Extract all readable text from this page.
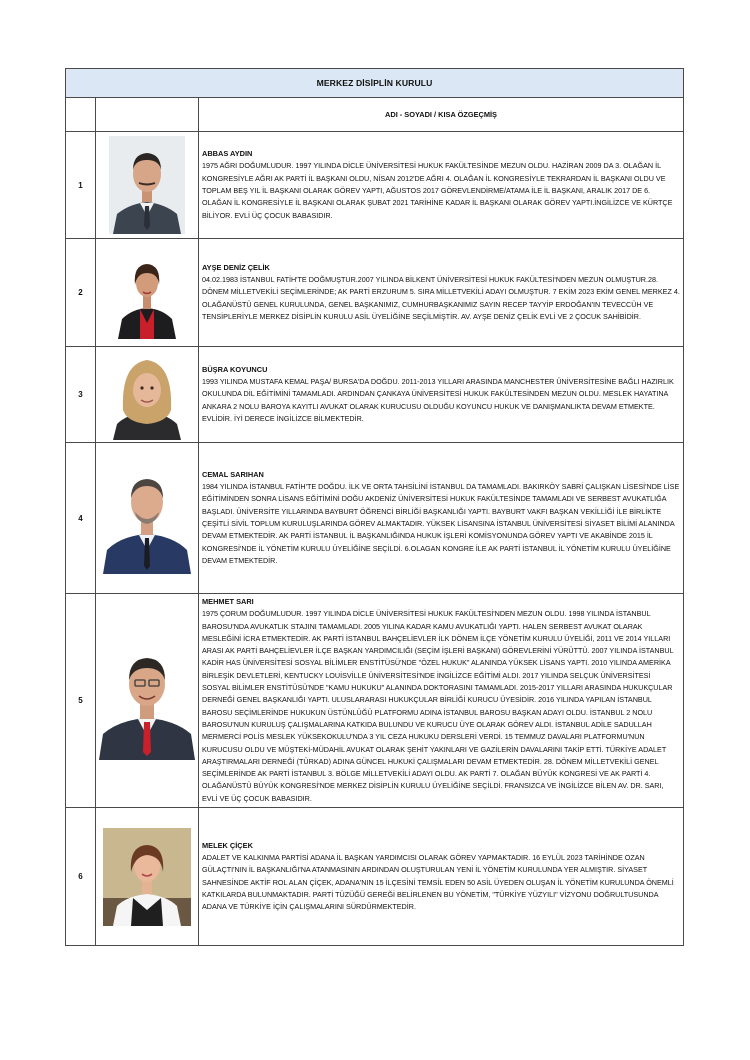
MERKEZ DİSİPLİN KURULU		
		ADI - SOYADI / KISA ÖZGEÇMİŞ
1		ABBAS AYDIN
1975 AĞRI DOĞUMLUDUR. 1997 YILINDA DİCLE ÜNİVERSİTESİ HUKUK FAKÜLTESİNDE MEZUN OLDU. HAZİRAN 2009 DA 3. OLAĞAN İL KONGRESİYLE AĞRI AK PARTİ İL BAŞKANI OLDU, NİSAN 2012'DE AĞRI 4. OLAĞAN İL KONGRESİYLE TEKRARDAN İL BAŞKANI OLDU VE TOPLAM BEŞ YIL İL BAŞKANI OLARAK GÖREV YAPTI, AĞUSTOS 2017 GÖREVLENDİRME/ATAMA İLE İL BAŞKANI, ARALIK 2017 DE 6. OLAĞAN İL KONGRESİYLE İL BAŞKANI OLARAK ŞUBAT 2021 TARİHİNE KADAR İL BAŞKANI OLARAK GÖREV YAPTI.İNGİLİZCE VE KÜRTÇE BİLİYOR. EVLİ ÜÇ ÇOCUK BABASIDIR.
2		AYŞE DENİZ ÇELİK
04.02.1983 İSTANBUL FATİH'TE DOĞMUŞTUR.2007 YILINDA BİLKENT ÜNİVERSİTESİ HUKUK FAKÜLTESİ'NDEN MEZUN OLMUŞTUR.28. DÖNEM MİLLETVEKİLİ SEÇİMLERİNDE; AK PARTİ ERZURUM 5. SIRA MİLLETVEKİLİ ADAYI OLMUŞTUR. 7 EKİM 2023 EKİM GENEL MERKEZ 4. OLAĞANÜSTÜ GENEL KURULUNDA, GENEL BAŞKANIMIZ, CUMHURBAŞKANIMIZ SAYIN RECEP TAYYİP ERDOĞAN'IN TEVECCÜH VE TENSİPLERİYLE MERKEZ DİSİPLİN KURULU ASİL ÜYELİĞİNE SEÇİLMİŞTİR. AV. AYŞE DENİZ ÇELİK EVLİ VE 2 ÇOCUK SAHİBİDİR.
3		BÜŞRA KOYUNCU
1993 YILINDA MUSTAFA KEMAL PAŞA/ BURSA'DA DOĞDU. 2011-2013 YILLARI ARASINDA MANCHESTER ÜNİVERSİTESİNE BAĞLI HAZIRLIK OKULUNDA DİL EĞİTİMİNİ TAMAMLADI. ARDINDAN ÇANKAYA ÜNİVERSİTESİ HUKUK FAKÜLTESİNDEN MEZUN OLDU. MESLEK HAYATINA ANKARA 2 NOLU BAROYA KAYITLI AVUKAT OLARAK KURUCUSU OLDUĞU KOYUNCU HUKUK VE DANIŞMANLIKTA DEVAM ETMEKTE. EVLİDİR. İYİ DERECE İNGİLİZCE BİLMEKTEDİR.
4		CEMAL SARIHAN
1984 YILINDA İSTANBUL FATİH'TE DOĞDU. İLK VE ORTA TAHSİLİNİ İSTANBUL DA TAMAMLADI. BAKIRKÖY SABRİ ÇALIŞKAN LİSESİ'NDE LİSE EĞİTİMİNDEN SONRA LİSANS EĞİTİMİNİ DOĞU AKDENİZ ÜNİVERSİTESİ HUKUK FAKÜLTESİNDE TAMAMLADI VE SERBEST AVUKATLIĞA BAŞLADI. ÜNİVERSİTE YILLARINDA BAYBURT ÖĞRENCİ BİRLİĞİ BAŞKANLIĞI YAPTI. BAYBURT VAKFI BAŞKAN VEKİLLİĞİ İLE BİRLİKTE ÇEŞİTLİ SİVİL TOPLUM KURULUŞLARINDA GÖREV ALMAKTADIR. YÜKSEK LİSANSINA İSTANBUL ÜNİVERSİTESİ SİYASET BİLİMİ ALANINDA DEVAM ETMEKTEDİR. AK PARTİ İSTANBUL İL BAŞKANLIĞINDA HUKUK İŞLERİ KOMİSYONUNDA GÖREV YAPTI VE AKABİNDE 2015 İL KONGRESİ'NDE İL YÖNETİM KURULU ÜYELİĞİNE SEÇİLDİ. 6.OLAGAN KONGRE İLE AK PARTİ İSTANBUL İL YÖNETİM KURULU ÜYELİĞİNE DEVAM ETMEKTEDİR.
5		MEHMET SARI
1975 ÇORUM DOĞUMLUDUR. 1997 YILINDA DİCLE ÜNİVERSİTESİ HUKUK FAKÜLTESİ'NDEN MEZUN OLDU. 1998 YILINDA İSTANBUL BAROSU'NDA AVUKATLIK STAJINI TAMAMLADI. 2005 YILINA KADAR KAMU AVUKATLIĞI YAPTI. HALEN SERBEST AVUKAT OLARAK MESLEĞİNİ İCRA ETMEKTEDİR. AK PARTİ İSTANBUL BAHÇELİEVLER İLK DÖNEM İLÇE YÖNETİM KURULU ÜYELİĞİ, 2011 VE 2014 YILLARI ARASI AK PARTİ BAHÇELİEVLER İLÇE BAŞKAN YARDIMCILIĞI (SEÇİM İŞLERİ BAŞKANI) GÖREVLERİNİ YÜRÜTTÜ. 2007 YILINDA İSTANBUL KADİR HAS ÜNİVERSİTESİ SOSYAL BİLİMLER ENSTİTÜSÜ'NDE "ÖZEL HUKUK" ALANINDA YÜKSEK LİSANS YAPTI. 2010 YILINDA AMERİKA BİRLEŞİK DEVLETLERİ, KENTUCKY LOUİSVİLLE ÜNİVERSİTESİ'NDE İNGİLİZCE EĞİTİMİ ALDI. 2017 YILINDA SELÇUK ÜNİVERSİTESİ SOSYAL BİLİMLER ENSTİTÜSÜ'NDE "KAMU HUKUKU" ALANINDA DOKTORASINI TAMAMLADI. 2015-2017 YILLARI ARASINDA HUKUKÇULAR DERNEĞİ GENEL BAŞKANLIĞI YAPTI. ULUSLARARASI HUKUKÇULAR BİRLİĞİ KURUCU ÜYESİDİR. 2016 YILINDA YAPILAN İSTANBUL BAROSU SEÇİMLERİNDE HUKUKUN ÜSTÜNLÜĞÜ PLATFORMU ADINA İSTANBUL BAROSU BAŞKAN ADAYI OLDU. İSTANBUL 2 NOLU BAROSU'NUN KURULUŞ ÇALIŞMALARINA KATKIDA BULUNDU VE KURUCU ÜYE OLARAK GÖREV ALDI. İSTANBUL ADİLE SADULLAH MERMERCİ POLİS MESLEK YÜKSEKOKULU'NDA 3 YIL CEZA HUKUKU DERSLERİ VERDİ. 15 TEMMUZ DAVALARI PLATFORMU'NUN KURUCUSU OLDU VE MÜŞTEKİ-MÜDAHİL AVUKAT OLARAK ŞEHİT YAKINLARI VE GAZİLERİN DAVALARINI TAKİP ETTİ. TÜRKİYE ADALET ARAŞTIRMALARI DERNEĞİ (TÜRKAD) ADINA GÜNCEL HUKUKİ ÇALIŞMALARI DEVAM ETMEKTEDİR. 28. DÖNEM MİLLETVEKİLİ GENEL SEÇİMLERİNDE AK PARTİ İSTANBUL 3. BÖLGE MİLLETVEKİLİ ADAYI OLDU. AK PARTİ 7. OLAĞAN BÜYÜK KONGRESİ VE AK PARTİ 4. OLAĞANÜSTÜ BÜYÜK KONGRESİ'NDE MERKEZ DİSİPLİN KURULU ÜYELİĞİNE SEÇİLDİ. FRANSIZCA VE İNGİLİZCE BİLEN AV. DR. SARI, EVLİ VE ÜÇ ÇOCUK BABASIDIR.
6		MELEK ÇİÇEK
ADALET VE KALKINMA PARTİSİ ADANA İL BAŞKAN YARDIMCISI OLARAK GÖREV YAPMAKTADIR. 16 EYLÜL 2023 TARİHİNDE OZAN GÜLAÇTI'NIN İL BAŞKANLIĞI'NA ATANMASININ ARDINDAN OLUŞTURULAN YENİ İL YÖNETİM KURULUNDA YER ALMIŞTIR. SİYASET SAHNESİNDE AKTİF ROL ALAN ÇİÇEK, ADANA'NIN 15 İLÇESİNİ TEMSİL EDEN 50 ASİL ÜYEDEN OLUŞAN İL YÖNETİM KURULUNDA ÖNEMLİ KATKILARDA BULUNMAKTADIR. PARTİ TÜZÜĞÜ GEREĞİ BELİRLENEN BU YÖNETİM, "TÜRKİYE YÜZYILI" VİZYONU DOĞRULTUSUNDA ADANA VE TÜRKİYE İÇİN ÇALIŞMALARINI SÜRDÜRMEKTEDİR.
